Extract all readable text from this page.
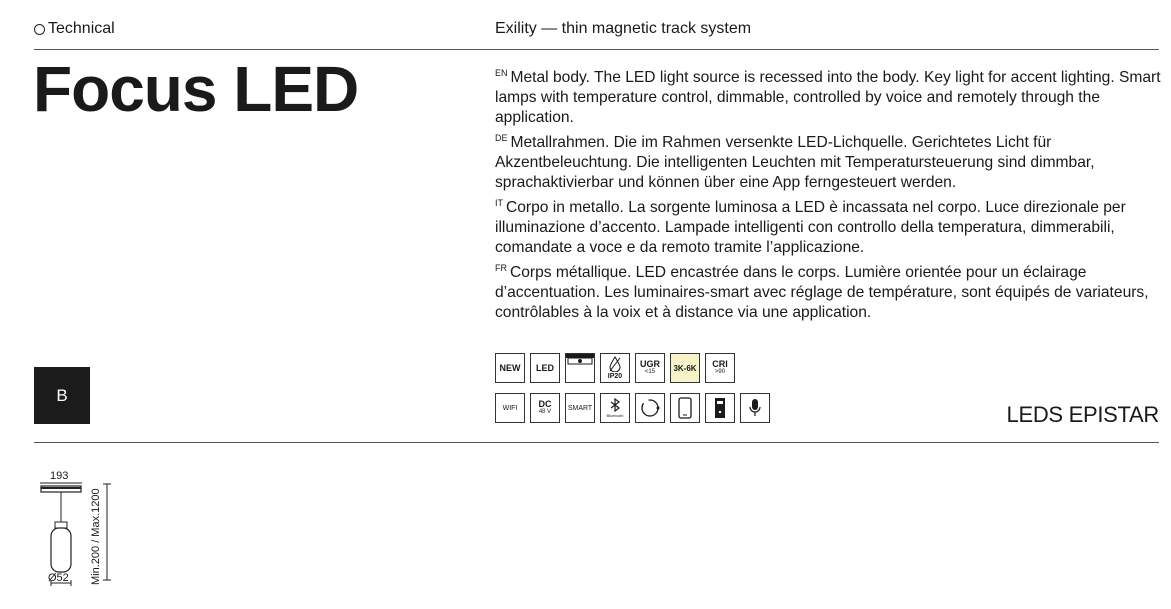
Technical	Exility — thin magnetic track system
Focus LED	$^{EN}$ Metal body. The LED light source is recessed into the body. Key light for accent lighting. Smart lamps with temperature control, dimmable, controlled by voice and remotely through the application.

$^{DE}$ Metallrahmen. Die im Rahmen versenkte LED-Lichquelle. Gerichtetes Licht für Akzentbeleuchtung. Die intelligenten Leuchten mit Temperatursteuerung sind dimmbar, sprachaktivierbar und können über eine App ferngesteuert werden.

$^{IT}$ Corpo in metallo. La sorgente luminosa a LED è incassata nel corpo. Luce direzionale per illuminazione d’accento. Lampade intelligenti con controllo della temperatura, dimmerabili, comandate a voce e da remoto tramite l’applicazione.

$^{FR}$ Corps métallique. LED encastrée dans le corps. Lumière orientée pour un éclairage d’accentuation. Les luminaires-smart avec réglage de température, sont équipés de variateurs, contrôlables à la voix et à distance via une application.

B
NEW LED
IP20
UGR
<15 3K-6K CRI
>90
WIFI DC
48 V
SMART
Bluetooth	LEDS EPISTAR
193
Ø52 Min.200 / Max.1200
